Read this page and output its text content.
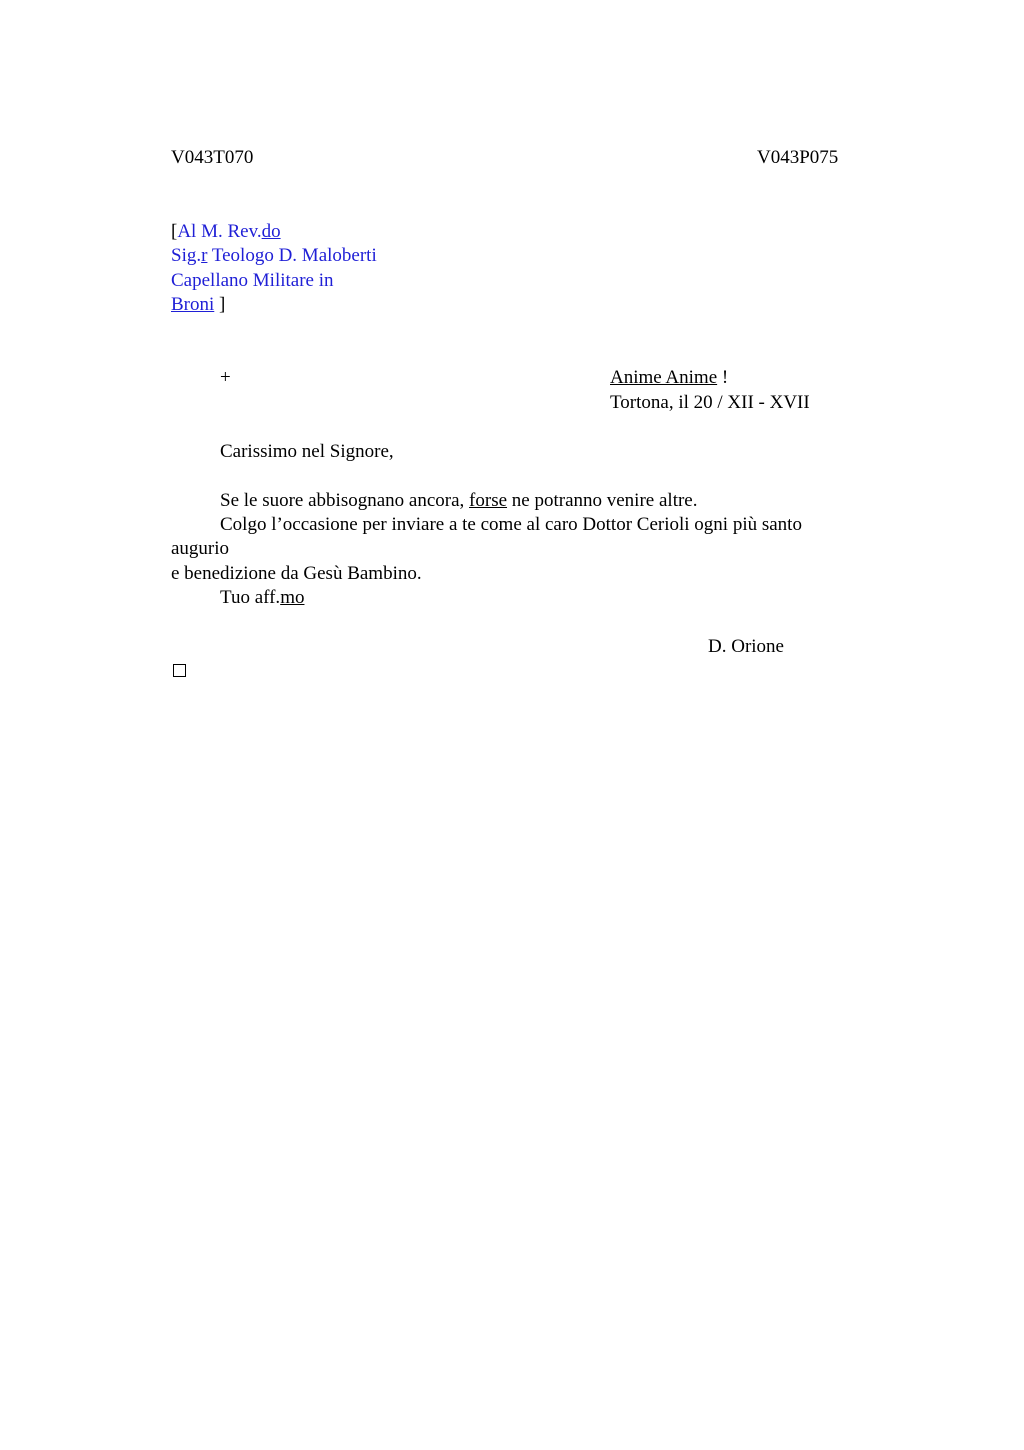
V043T070	V043P075
[Al M. Rev.do
Sig.r Teologo D. Maloberti
Capellano Militare in
Broni ]
+	Anime Anime !
Tortona, il 20 / XII - XVII
Carissimo nel Signore,
Se le suore abbisognano ancora, forse ne potranno venire altre.
Colgo l’occasione per inviare a te come al caro Dottor Cerioli ogni più santo
augurio
e benedizione da Gesù Bambino.
Tuo aff.mo
D. Orione
